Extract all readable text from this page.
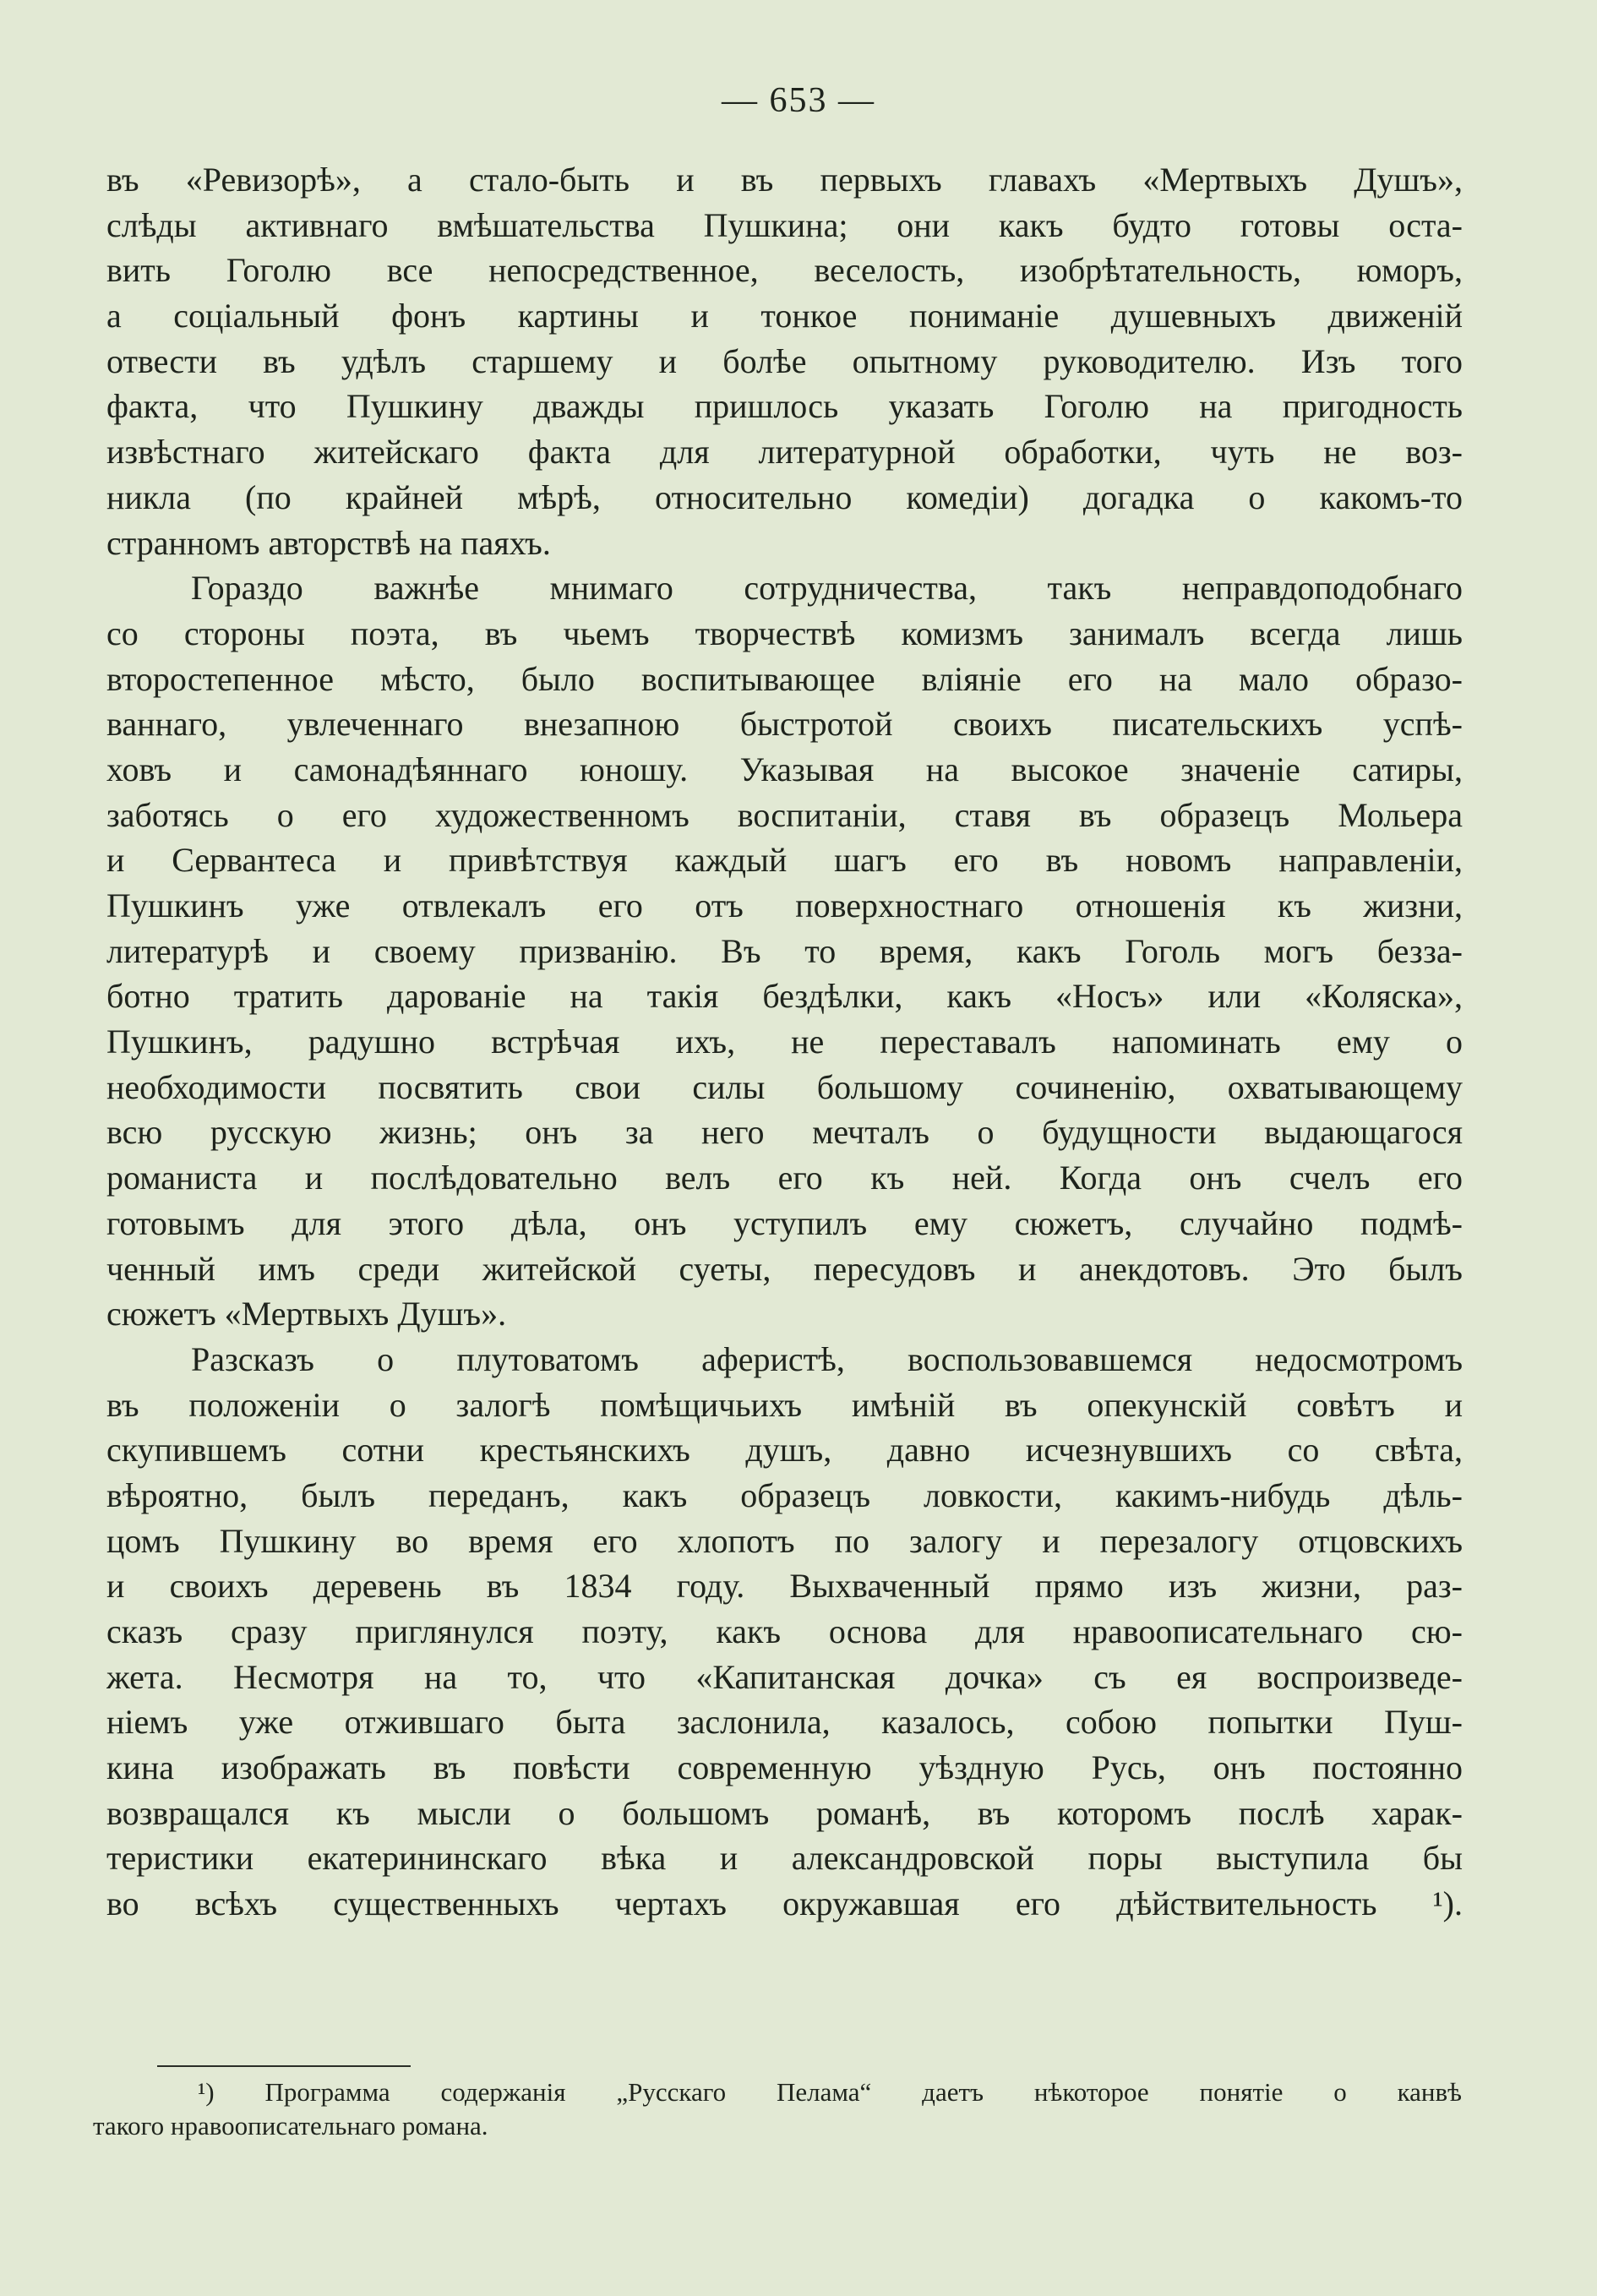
— 653 —
въ «Ревизорѣ», а стало-быть и въ первыхъ главахъ «Мертвыхъ Душъ»,
слѣды активнаго вмѣшательства Пушкина; они какъ будто готовы оста-
вить Гоголю все непосредственное, веселость, изобрѣтательность, юморъ,
а соціальный фонъ картины и тонкое пониманіе душевныхъ движеній
отвести въ удѣлъ старшему и болѣе опытному руководителю. Изъ того
факта, что Пушкину дважды пришлось указать Гоголю на пригодность
извѣстнаго житейскаго факта для литературной обработки, чуть не воз-
никла (по крайней мѣрѣ, относительно комедіи) догадка о какомъ-то
странномъ авторствѣ на паяхъ.
Гораздо важнѣе мнимаго сотрудничества, такъ неправдоподобнаго
со стороны поэта, въ чьемъ творчествѣ комизмъ занималъ всегда лишь
второстепенное мѣсто, было воспитывающее вліяніе его на мало образо-
ваннаго, увлеченнаго внезапною быстротой своихъ писательскихъ успѣ-
ховъ и самонадѣяннаго юношу. Указывая на высокое значеніе сатиры,
заботясь о его художественномъ воспитаніи, ставя въ образецъ Мольера
и Сервантеса и привѣтствуя каждый шагъ его въ новомъ направленіи,
Пушкинъ уже отвлекалъ его отъ поверхностнаго отношенія къ жизни,
литературѣ и своему призванію. Въ то время, какъ Гоголь могъ безза-
ботно тратить дарованіе на такія бездѣлки, какъ «Носъ» или «Коляска»,
Пушкинъ, радушно встрѣчая ихъ, не переставалъ напоминать ему о
необходимости посвятить свои силы большому сочиненію, охватывающему
всю русскую жизнь; онъ за него мечталъ о будущности выдающагося
романиста и послѣдовательно велъ его къ ней. Когда онъ счелъ его
готовымъ для этого дѣла, онъ уступилъ ему сюжетъ, случайно подмѣ-
ченный имъ среди житейской суеты, пересудовъ и анекдотовъ. Это былъ
сюжетъ «Мертвыхъ Душъ».
Разсказъ о плутоватомъ аферистѣ, воспользовавшемся недосмотромъ
въ положеніи о залогѣ помѣщичьихъ имѣній въ опекунскій совѣтъ и
скупившемъ сотни крестьянскихъ душъ, давно исчезнувшихъ со свѣта,
вѣроятно, былъ переданъ, какъ образецъ ловкости, какимъ-нибудь дѣль-
цомъ Пушкину во время его хлопотъ по залогу и перезалогу отцовскихъ
и своихъ деревень въ 1834 году. Выхваченный прямо изъ жизни, раз-
сказъ сразу приглянулся поэту, какъ основа для нравоописательнаго сю-
жета. Несмотря на то, что «Капитанская дочка» съ ея воспроизведе-
ніемъ уже отжившаго быта заслонила, казалось, собою попытки Пуш-
кина изображать въ повѣсти современную уѣздную Русь, онъ постоянно
возвращался къ мысли о большомъ романѣ, въ которомъ послѣ харак-
теристики екатерининскаго вѣка и александровской поры выступила бы
во всѣхъ существенныхъ чертахъ окружавшая его дѣйствительность ¹).
¹) Программа содержанія „Русскаго Пелама“ даетъ нѣкоторое понятіе о канвѣ
такого нравоописательнаго романа.
